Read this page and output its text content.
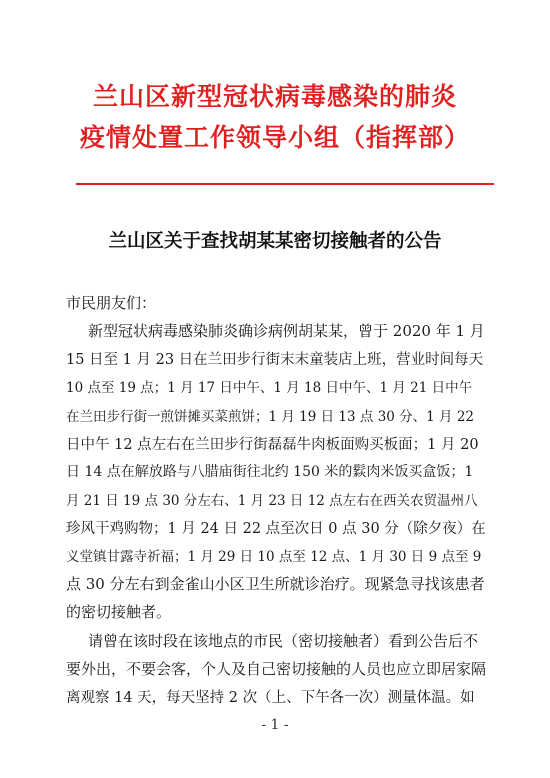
兰山区新型冠状病毒感染的肺炎
疫情处置工作领导小组（指挥部）
兰山区关于查找胡某某密切接触者的公告
市民朋友们：
新型冠状病毒感染肺炎确诊病例胡某某，曾于 2020 年 1 月
15 日至 1 月 23 日在兰田步行街末末童装店上班，营业时间每天
10 点至 19 点；1 月 17 日中午、1 月 18 日中午、1 月 21 日中午
在兰田步行街一煎饼摊买菜煎饼；1 月 19 日 13 点 30 分、1 月 22
日中午 12 点左右在兰田步行街磊磊牛肉板面购买板面；1 月 20
日 14 点在解放路与八腊庙街往北约 150 米的鬏肉米饭买盒饭；1
月 21 日 19 点 30 分左右、1 月 23 日 12 点左右在西关农贸温州八
珍风干鸡购物；1 月 24 日 22 点至次日 0 点 30 分（除夕夜）在
义堂镇甘露寺祈福；1 月 29 日 10 点至 12 点、1 月 30 日 9 点至 9
点 30 分左右到金雀山小区卫生所就诊治疗。现紧急寻找该患者
的密切接触者。
请曾在该时段在该地点的市民（密切接触者）看到公告后不
要外出，不要会客，个人及自己密切接触的人员也应立即居家隔
离观察 14 天，每天坚持 2 次（上、下午各一次）测量体温。如
- 1 -
